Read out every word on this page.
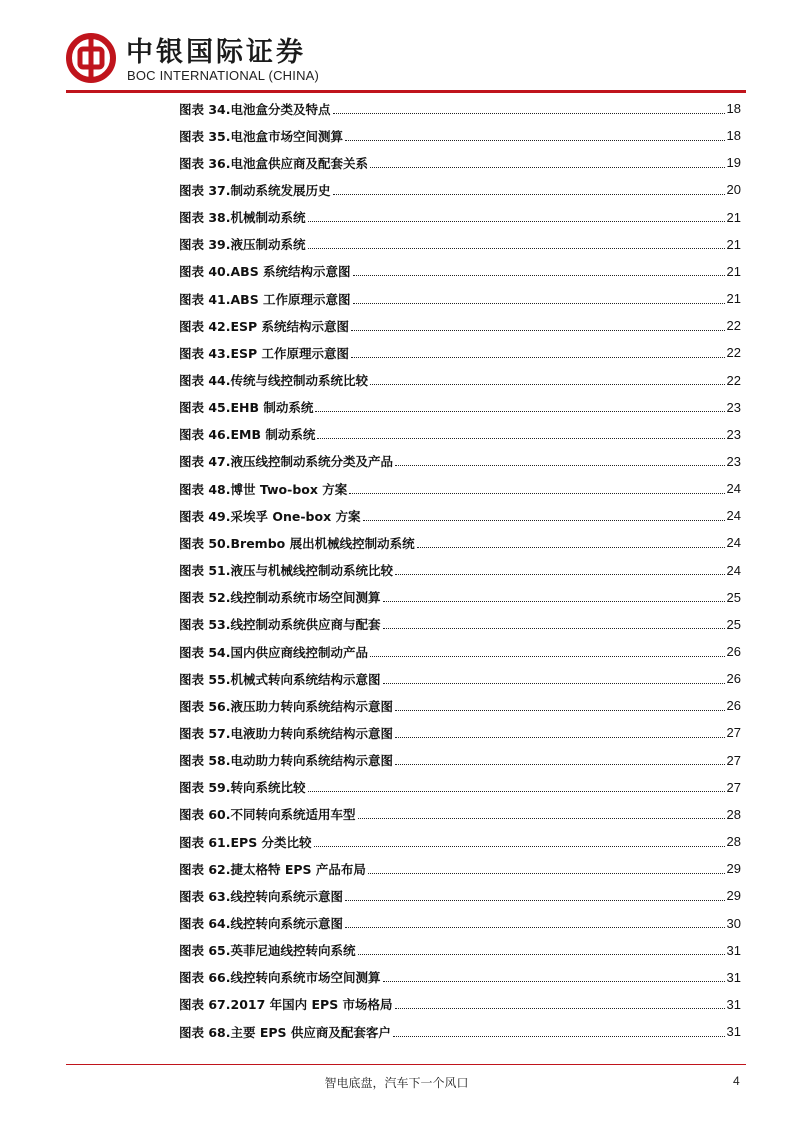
中银国际证券
BOC INTERNATIONAL (CHINA)
图表 34.电池盒分类及特点	18
图表 35.电池盒市场空间测算	18
图表 36.电池盒供应商及配套关系	19
图表 37.制动系统发展历史	20
图表 38.机械制动系统	21
图表 39.液压制动系统	21
图表 40.ABS 系统结构示意图	21
图表 41.ABS 工作原理示意图	21
图表 42.ESP 系统结构示意图	22
图表 43.ESP 工作原理示意图	22
图表 44.传统与线控制动系统比较	22
图表 45.EHB 制动系统	23
图表 46.EMB 制动系统	23
图表 47.液压线控制动系统分类及产品	23
图表 48.博世 Two-box 方案	24
图表 49.采埃孚 One-box 方案	24
图表 50.Brembo 展出机械线控制动系统	24
图表 51.液压与机械线控制动系统比较	24
图表 52.线控制动系统市场空间测算	25
图表 53.线控制动系统供应商与配套	25
图表 54.国内供应商线控制动产品	26
图表 55.机械式转向系统结构示意图	26
图表 56.液压助力转向系统结构示意图	26
图表 57.电液助力转向系统结构示意图	27
图表 58.电动助力转向系统结构示意图	27
图表 59.转向系统比较	27
图表 60.不同转向系统适用车型	28
图表 61.EPS 分类比较	28
图表 62.捷太格特 EPS 产品布局	29
图表 63.线控转向系统示意图	29
图表 64.线控转向系统示意图	30
图表 65.英菲尼迪线控转向系统	31
图表 66.线控转向系统市场空间测算	31
图表 67.2017 年国内 EPS 市场格局	31
图表 68.主要 EPS 供应商及配套客户	31
智电底盘，汽车下一个风口	4
